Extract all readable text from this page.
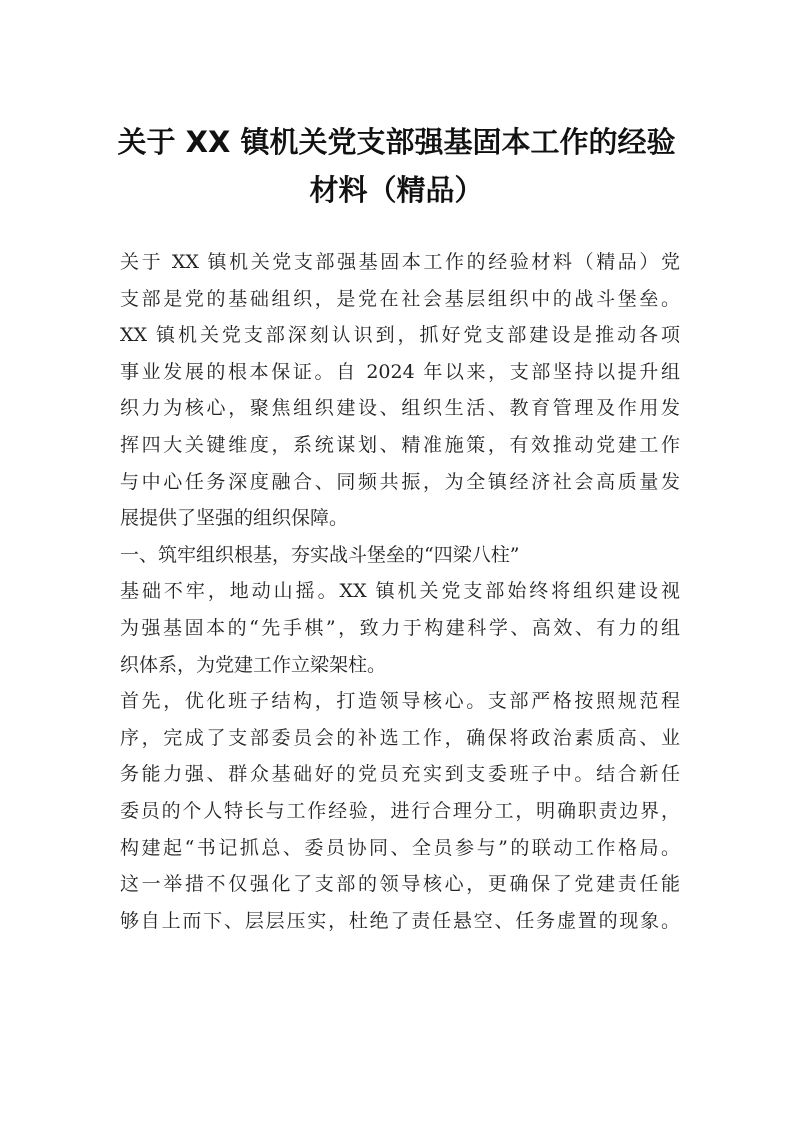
关于 XX 镇机关党支部强基固本工作的经验
材料（精品）
关于 XX 镇机关党支部强基固本工作的经验材料（精品）党
支部是党的基础组织，是党在社会基层组织中的战斗堡垒。
XX 镇机关党支部深刻认识到，抓好党支部建设是推动各项
事业发展的根本保证。自 2024 年以来，支部坚持以提升组
织力为核心，聚焦组织建设、组织生活、教育管理及作用发
挥四大关键维度，系统谋划、精准施策，有效推动党建工作
与中心任务深度融合、同频共振，为全镇经济社会高质量发
展提供了坚强的组织保障。
一、筑牢组织根基，夯实战斗堡垒的“四梁八柱”
基础不牢，地动山摇。XX 镇机关党支部始终将组织建设视
为强基固本的“先手棋”，致力于构建科学、高效、有力的组
织体系，为党建工作立梁架柱。
首先，优化班子结构，打造领导核心。支部严格按照规范程
序，完成了支部委员会的补选工作，确保将政治素质高、业
务能力强、群众基础好的党员充实到支委班子中。结合新任
委员的个人特长与工作经验，进行合理分工，明确职责边界，
构建起“书记抓总、委员协同、全员参与”的联动工作格局。
这一举措不仅强化了支部的领导核心，更确保了党建责任能
够自上而下、层层压实，杜绝了责任悬空、任务虚置的现象。
